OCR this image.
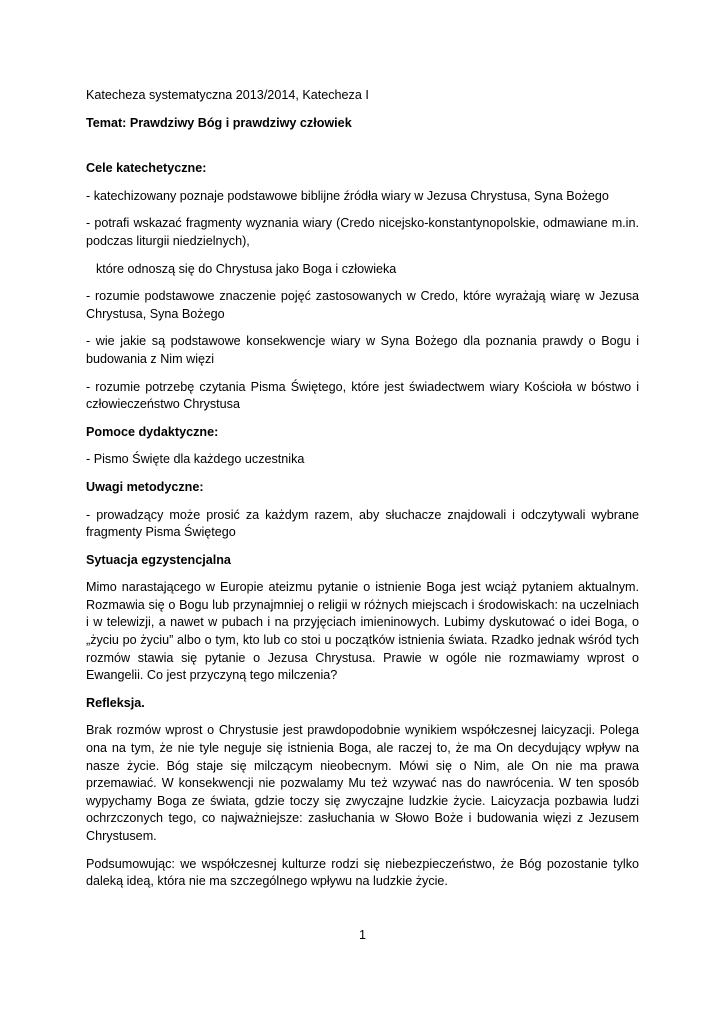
Katecheza systematyczna 2013/2014, Katecheza I

Temat: Prawdziwy Bóg i prawdziwy człowiek

Cele katechetyczne:

- katechizowany poznaje podstawowe biblijne źródła wiary w Jezusa Chrystusa, Syna Bożego

- potrafi wskazać fragmenty wyznania wiary (Credo nicejsko-konstantynopolskie, odmawiane m.in. podczas liturgii niedzielnych),

które odnoszą się do Chrystusa jako Boga i człowieka

- rozumie podstawowe znaczenie pojęć zastosowanych w Credo, które wyrażają wiarę w Jezusa Chrystusa, Syna Bożego

- wie jakie są podstawowe konsekwencje wiary w Syna Bożego dla poznania prawdy o Bogu i budowania z Nim więzi

- rozumie potrzebę czytania Pisma Świętego, które jest świadectwem wiary Kościoła w bóstwo i człowieczeństwo Chrystusa

Pomoce dydaktyczne:

- Pismo Święte dla każdego uczestnika

Uwagi metodyczne:

- prowadzący może prosić za każdym razem, aby słuchacze znajdowali i odczytywali wybrane fragmenty Pisma Świętego

Sytuacja egzystencjalna

Mimo narastającego w Europie ateizmu pytanie o istnienie Boga jest wciąż pytaniem aktualnym. Rozmawia się o Bogu lub przynajmniej o religii w różnych miejscach i środowiskach: na uczelniach i w telewizji, a nawet w pubach i na przyjęciach imieninowych. Lubimy dyskutować o idei Boga, o „życiu po życiu” albo o tym, kto lub co stoi u początków istnienia świata. Rzadko jednak wśród tych rozmów stawia się pytanie o Jezusa Chrystusa. Prawie w ogóle nie rozmawiamy wprost o Ewangelii. Co jest przyczyną tego milczenia?

Refleksja.

Brak rozmów wprost o Chrystusie jest prawdopodobnie wynikiem współczesnej laicyzacji. Polega ona na tym, że nie tyle neguje się istnienia Boga, ale raczej to, że ma On decydujący wpływ na nasze życie. Bóg staje się milczącym nieobecnym. Mówi się o Nim, ale On nie ma prawa przemawiać. W konsekwencji nie pozwalamy Mu też wzywać nas do nawrócenia. W ten sposób wypychamy Boga ze świata, gdzie toczy się zwyczajne ludzkie życie. Laicyzacja pozbawia ludzi ochrzczonych tego, co najważniejsze: zasłuchania w Słowo Boże i budowania więzi z Jezusem Chrystusem.

Podsumowując: we współczesnej kulturze rodzi się niebezpieczeństwo, że Bóg pozostanie tylko daleką ideą, która nie ma szczególnego wpływu na ludzkie życie.

1
